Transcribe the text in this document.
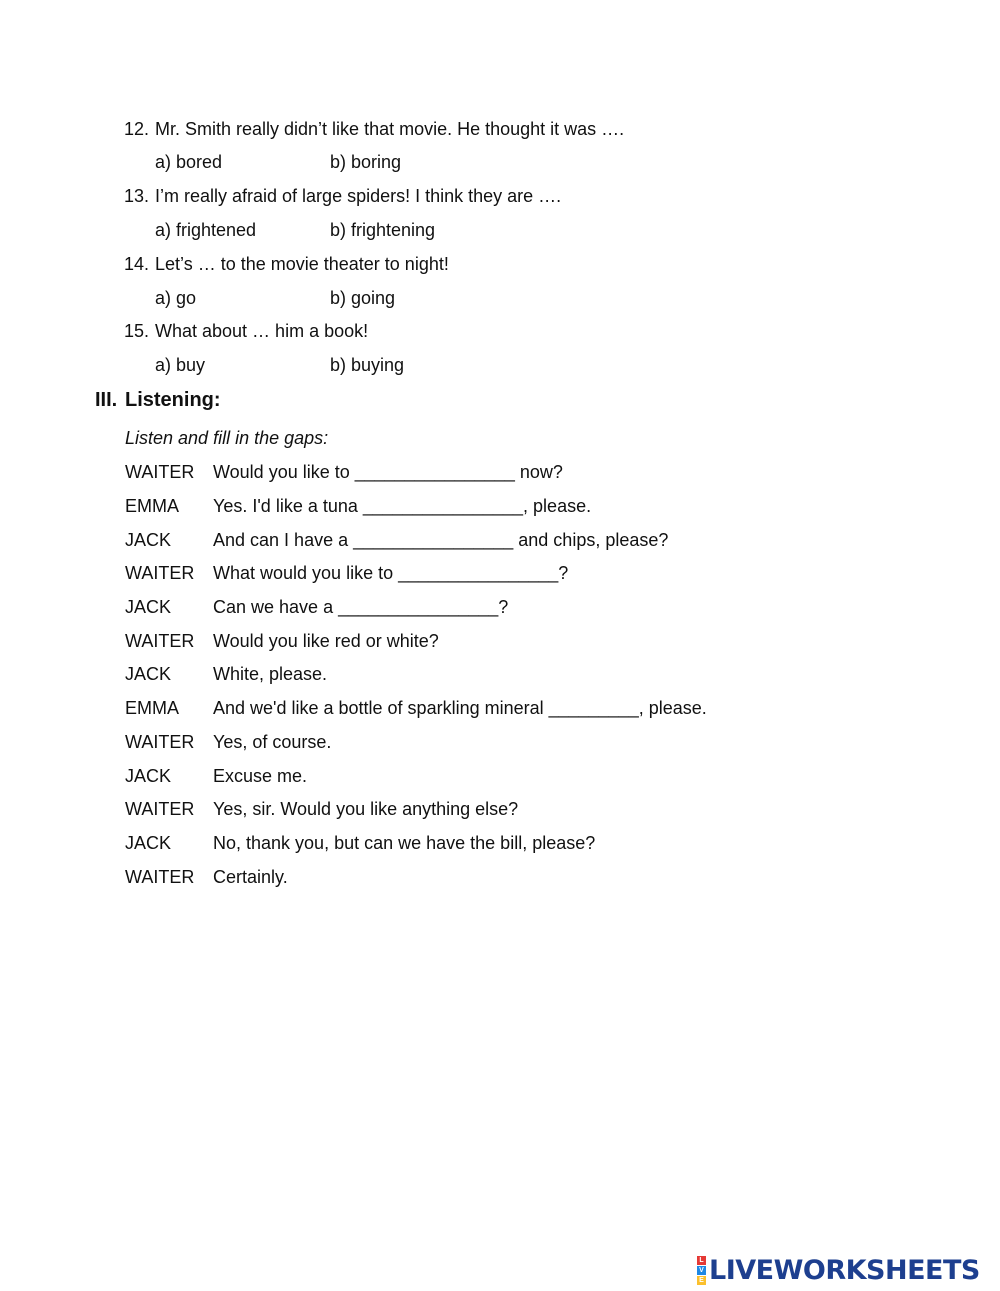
12. Mr. Smith really didn’t like that movie. He thought it was ….
a) bored	b) boring
13. I’m really afraid of large spiders! I think they are ….
a) frightened	b) frightening
14. Let’s … to the movie theater to night!
a) go	b) going
15. What about … him a book!
a) buy	b) buying
III. Listening:
Listen and fill in the gaps:
WAITER Would you like to ________________ now?
EMMA Yes. I'd like a tuna ________________, please.
JACK And can I have a ________________ and chips, please?
WAITER What would you like to ________________?
JACK Can we have a ________________?
WAITER Would you like red or white?
JACK White, please.
EMMA And we'd like a bottle of sparkling mineral _________, please.
WAITER Yes, of course.
JACK Excuse me.
WAITER Yes, sir. Would you like anything else?
JACK No, thank you, but can we have the bill, please?
WAITER Certainly.
L
V
E LIVEWORKSHEETS
